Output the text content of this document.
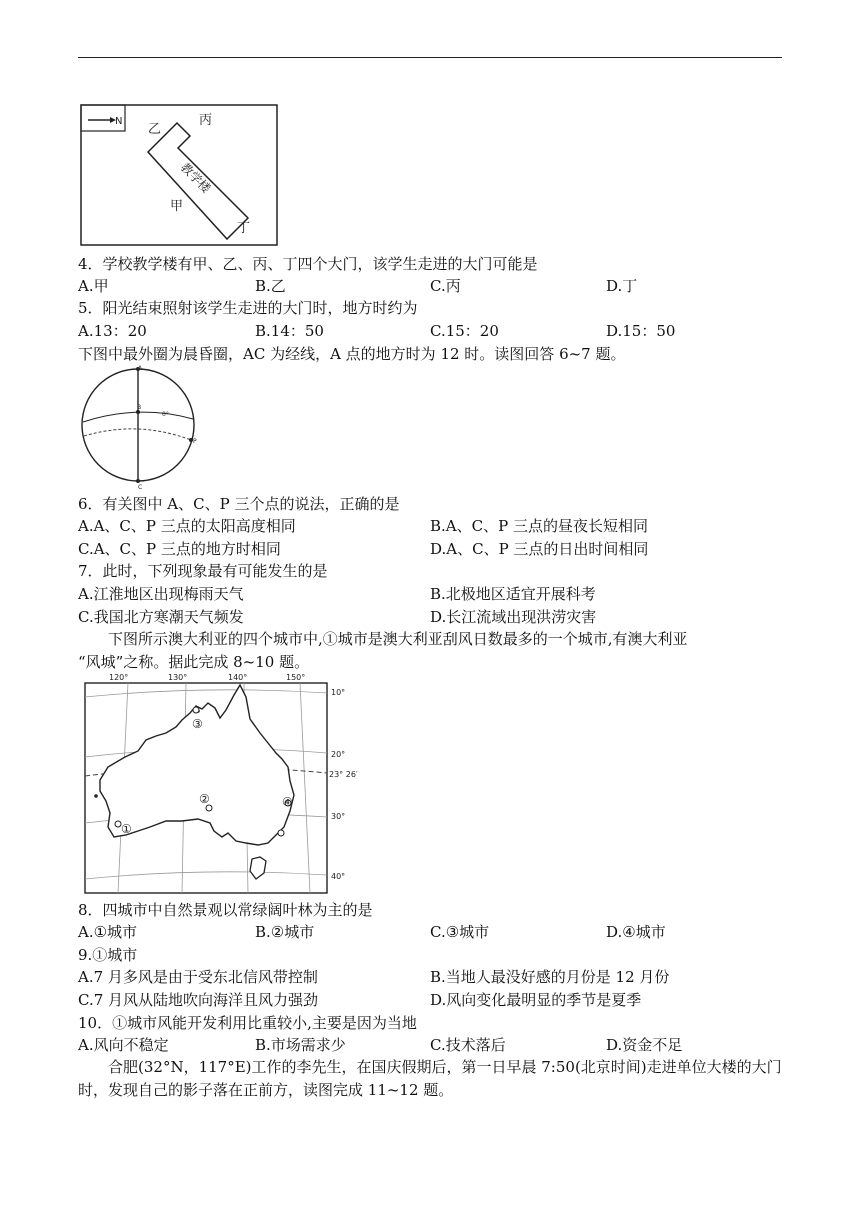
N
教学楼
乙
丙
甲
丁
4．学校教学楼有甲、乙、丙、丁四个大门，该学生走进的大门可能是
A.甲	B.乙	C.丙	D.丁
5．阳光结束照射该学生走进的大门时，地方时约为
A.13：20	B.14：50	C.15：20	D.15：50
下图中最外圈为晨昏圈，AC 为经线，A 点的地方时为 12 时。读图回答 6~7 题。
A
B
C
P
0°
6．有关图中 A、C、P 三个点的说法，正确的是
A.A、C、P 三点的太阳高度相同	B.A、C、P 三点的昼夜长短相同
C.A、C、P 三点的地方时相同	D.A、C、P 三点的日出时间相同
7．此时，下列现象最有可能发生的是
A.江淮地区出现梅雨天气	B.北极地区适宜开展科考
C.我国北方寒潮天气频发	D.长江流域出现洪涝灾害
下图所示澳大利亚的四个城市中,①城市是澳大利亚刮风日数最多的一个城市,有澳大利亚
“风城”之称。据此完成 8~10 题。
①
②
③
④
120°	130°	140°	150°
10°
20°
23° 26′
30°
40°
8．四城市中自然景观以常绿阔叶林为主的是
A.①城市	B.②城市	C.③城市	D.④城市
9.①城市
A.7 月多风是由于受东北信风带控制	B.当地人最没好感的月份是 12 月份
C.7 月风从陆地吹向海洋且风力强劲	D.风向变化最明显的季节是夏季
10．①城市风能开发利用比重较小,主要是因为当地
A.风向不稳定	B.市场需求少	C.技术落后	D.资金不足
合肥(32°N，117°E)工作的李先生，在国庆假期后，第一日早晨 7:50(北京时间)走进单位大楼的大门时，发现自己的影子落在正前方，读图完成 11~12 题。
